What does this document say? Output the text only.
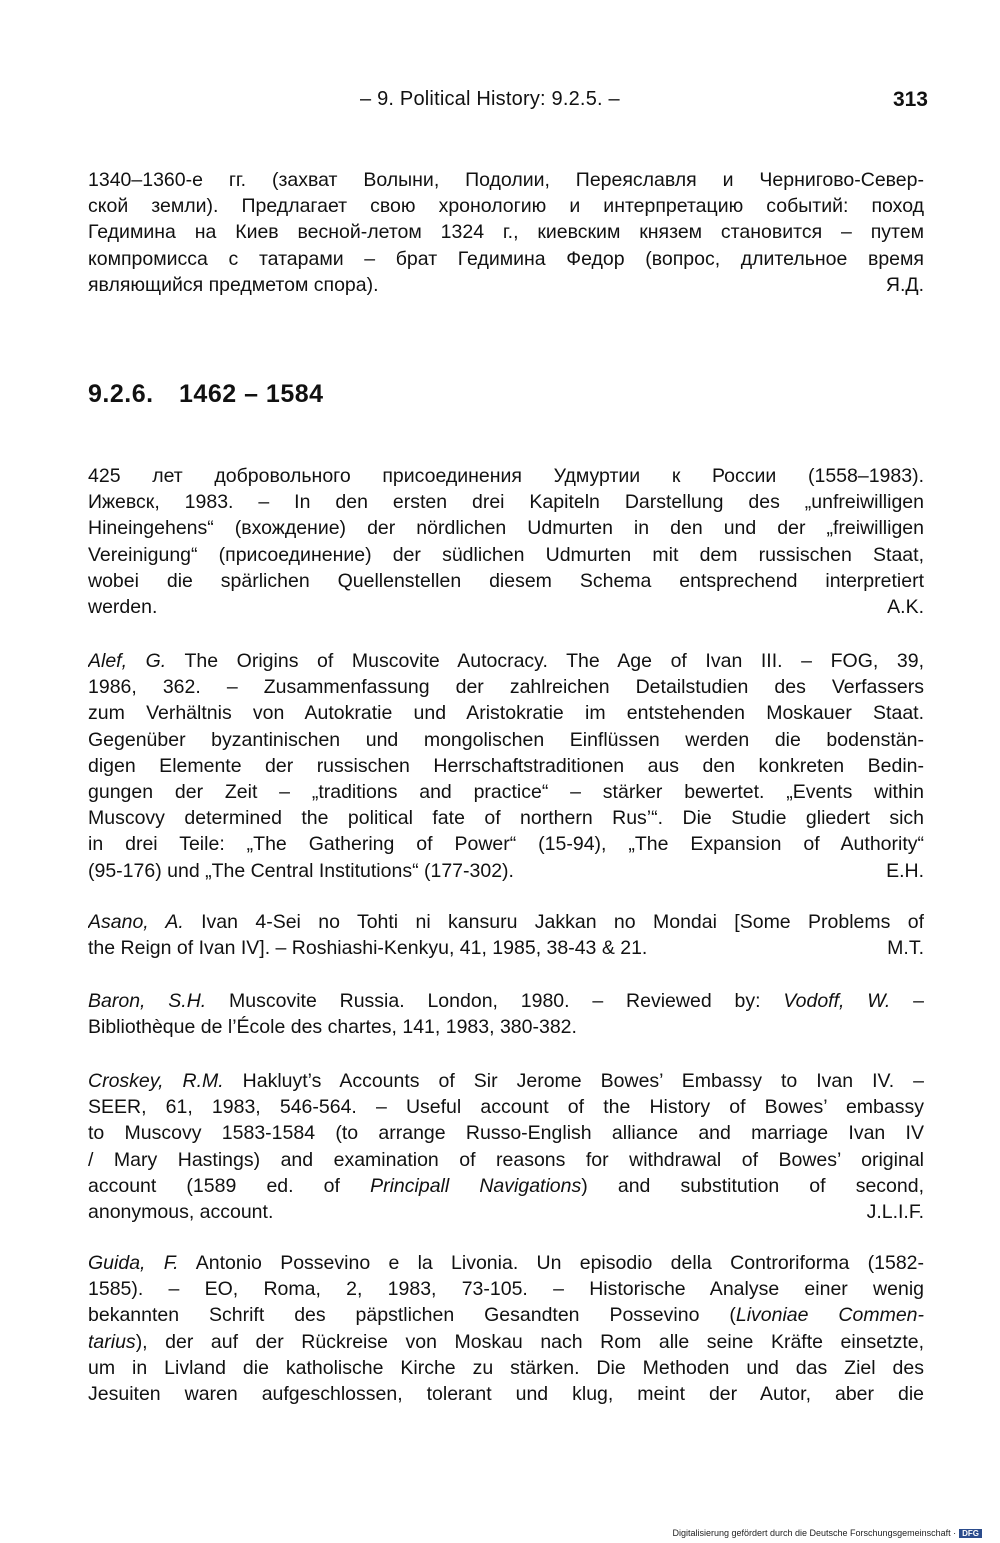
– 9. Political History: 9.2.5. –	313
1340–1360-е гг. (захват Волыни, Подолии, Переяславля и Чернигово-Север-
ской земли). Предлагает свою хронологию и интерпретацию событий: поход
Гедимина на Киев весной-летом 1324 г., киевским князем становится – путем
компромисса с татарами – брат Гедимина Федор (вопрос, длительное время
являющийся предметом спора).	Я.Д.
9.2.6. 1462 – 1584
425 лет добровольного присоединения Удмуртии к России (1558–1983).
Ижевск, 1983. – In den ersten drei Kapiteln Darstellung des „unfreiwilligen
Hineingehens“ (вхождение) der nördlichen Udmurten in den und der „freiwilligen
Vereinigung“ (присоединение) der südlichen Udmurten mit dem russischen Staat,
wobei die spärlichen Quellenstellen diesem Schema entsprechend interpretiert
werden.	A.K.
Alef, G. The Origins of Muscovite Autocracy. The Age of Ivan III. – FOG, 39,
1986, 362. – Zusammenfassung der zahlreichen Detailstudien des Verfassers
zum Verhältnis von Autokratie und Aristokratie im entstehenden Moskauer Staat.
Gegenüber byzantinischen und mongolischen Einflüssen werden die bodenstän-
digen Elemente der russischen Herrschaftstraditionen aus den konkreten Bedin-
gungen der Zeit – „traditions and practice“ – stärker bewertet. „Events within
Muscovy determined the political fate of northern Rus’“. Die Studie gliedert sich
in drei Teile: „The Gathering of Power“ (15-94), „The Expansion of Authority“
(95-176) und „The Central Institutions“ (177-302).	E.H.
Asano, A. Ivan 4-Sei no Tohti ni kansuru Jakkan no Mondai [Some Problems of
the Reign of Ivan IV]. – Roshiashi-Kenkyu, 41, 1985, 38-43 & 21.	M.T.
Baron, S.H. Muscovite Russia. London, 1980. – Reviewed by: Vodoff, W. –
Bibliothèque de l’École des chartes, 141, 1983, 380-382.
Croskey, R.M. Hakluyt’s Accounts of Sir Jerome Bowes’ Embassy to Ivan IV. –
SEER, 61, 1983, 546-564. – Useful account of the History of Bowes’ embassy
to Muscovy 1583-1584 (to arrange Russo-English alliance and marriage Ivan IV
/ Mary Hastings) and examination of reasons for withdrawal of Bowes’ original
account (1589 ed. of Principall Navigations) and substitution of second,
anonymous, account.	J.L.I.F.
Guida, F. Antonio Possevino e la Livonia. Un episodio della Controriforma (1582-
1585). – EO, Roma, 2, 1983, 73-105. – Historische Analyse einer wenig
bekannten Schrift des päpstlichen Gesandten Possevino (Livoniae Commen-
tarius), der auf der Rückreise von Moskau nach Rom alle seine Kräfte einsetzte,
um in Livland die katholische Kirche zu stärken. Die Methoden und das Ziel des
Jesuiten waren aufgeschlossen, tolerant und klug, meint der Autor, aber die
Digitalisierung gefördert durch die Deutsche Forschungsgemeinschaft · DFG
